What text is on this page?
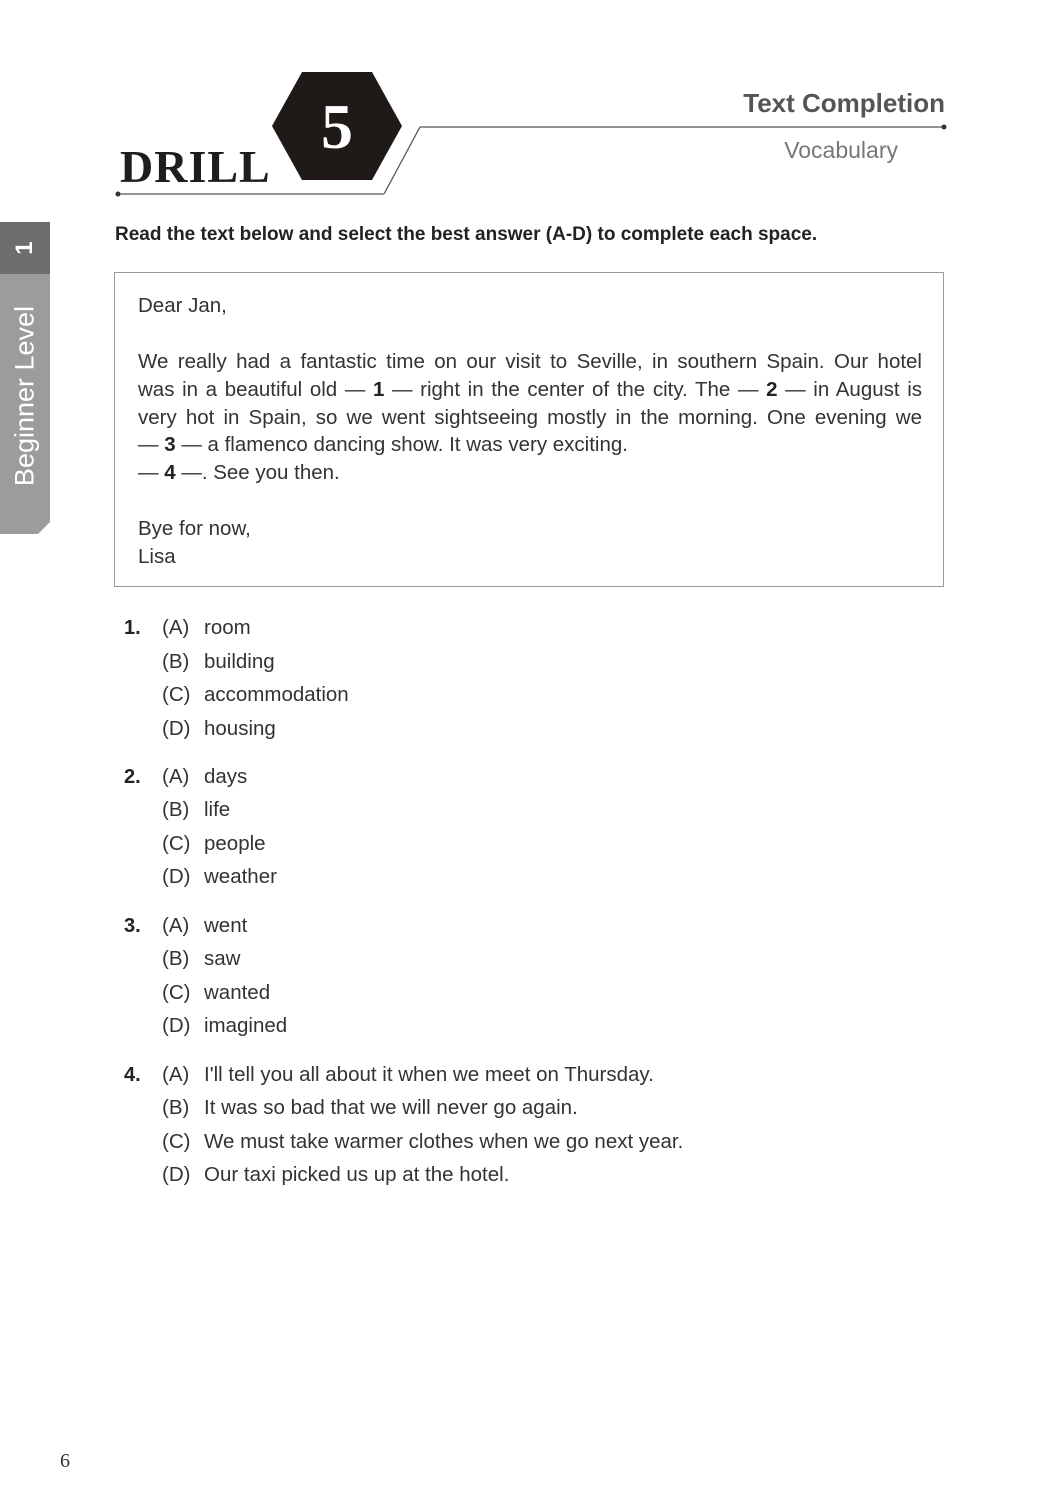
DRILL
5	Text Completion
Vocabulary
1
Beginner Level
Read the text below and select the best answer (A-D) to complete each space.
Dear Jan,
We really had a fantastic time on our visit to Seville, in southern Spain. Our hotel
was in a beautiful old — 1 — right in the center of the city. The — 2 — in August is
very hot in Spain, so we went sightseeing mostly in the morning. One evening we
— 3 — a flamenco dancing show. It was very exciting.
— 4 —. See you then.
Bye for now,
Lisa
1. (A) room
(B) building
(C) accommodation
(D) housing
2. (A) days
(B) life
(C) people
(D) weather
3. (A) went
(B) saw
(C) wanted
(D) imagined
4. (A) I'll tell you all about it when we meet on Thursday.
(B) It was so bad that we will never go again.
(C) We must take warmer clothes when we go next year.
(D) Our taxi picked us up at the hotel.
6
